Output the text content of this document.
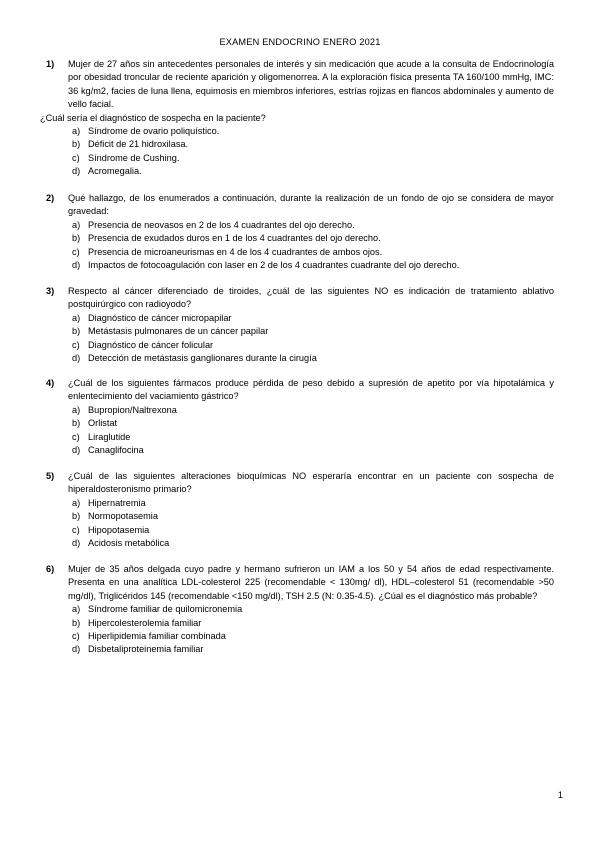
EXAMEN ENDOCRINO ENERO 2021
1) Mujer de 27 años sin antecedentes personales de interés y sin medicación que acude a la consulta de Endocrinología por obesidad troncular de reciente aparición y oligomenorrea. A la exploración física presenta TA 160/100 mmHg, IMC: 36 kg/m2, facies de luna llena, equimosis en miembros inferiores, estrías rojizas en flancos abdominales y aumento de vello facial.
¿Cuál sería el diagnóstico de sospecha en la paciente?
a) Síndrome de ovario poliquístico.
b) Déficit de 21 hidroxilasa.
c) Síndrome de Cushing.
d) Acromegalia.
2) Qué hallazgo, de los enumerados a continuación, durante la realización de un fondo de ojo se considera de mayor gravedad:
a) Presencia de neovasos en 2 de los 4 cuadrantes del ojo derecho.
b) Presencia de exudados duros en 1 de los 4 cuadrantes del ojo derecho.
c) Presencia de microaneurismas en 4 de los 4 cuadrantes de ambos ojos.
d) Impactos de fotocoagulación con laser en 2 de los 4 cuadrantes cuadrante del ojo derecho.
3) Respecto al cáncer diferenciado de tiroides, ¿cuál de las siguientes NO es indicación de tratamiento ablativo postquirúrgico con radioyodo?
a) Diagnóstico de cáncer micropapilar
b) Metástasis pulmonares de un cáncer papilar
c) Diagnóstico de cáncer folicular
d) Detección de metástasis ganglionares durante la cirugía
4) ¿Cuál de los siguientes fármacos produce pérdida de peso debido a supresión de apetito por vía hipotalámica y enlentecimiento del vaciamiento gástrico?
a) Bupropion/Naltrexona
b) Orlistat
c) Liraglutide
d) Canaglifocina
5) ¿Cuál de las siguientes alteraciones bioquímicas NO esperaría encontrar en un paciente con sospecha de hiperaldosteronismo primario?
a) Hipernatremia
b) Normopotasemia
c) Hipopotasemia
d) Acidosis metabólica
6) Mujer de 35 años delgada cuyo padre y hermano sufrieron un IAM a los 50 y 54 años de edad respectivamente. Presenta en una analítica LDL-colesterol 225 (recomendable < 130mg/ dl), HDL–colesterol 51 (recomendable >50 mg/dl), Triglicéridos 145 (recomendable <150 mg/dl), TSH 2.5 (N: 0.35-4.5). ¿Cúal es el diagnóstico más probable?
a) Síndrome familiar de quilomicronemia
b) Hipercolesterolemia familiar
c) Hiperlipidemia familiar combinada
d) Disbetaliproteinemia familiar
1
